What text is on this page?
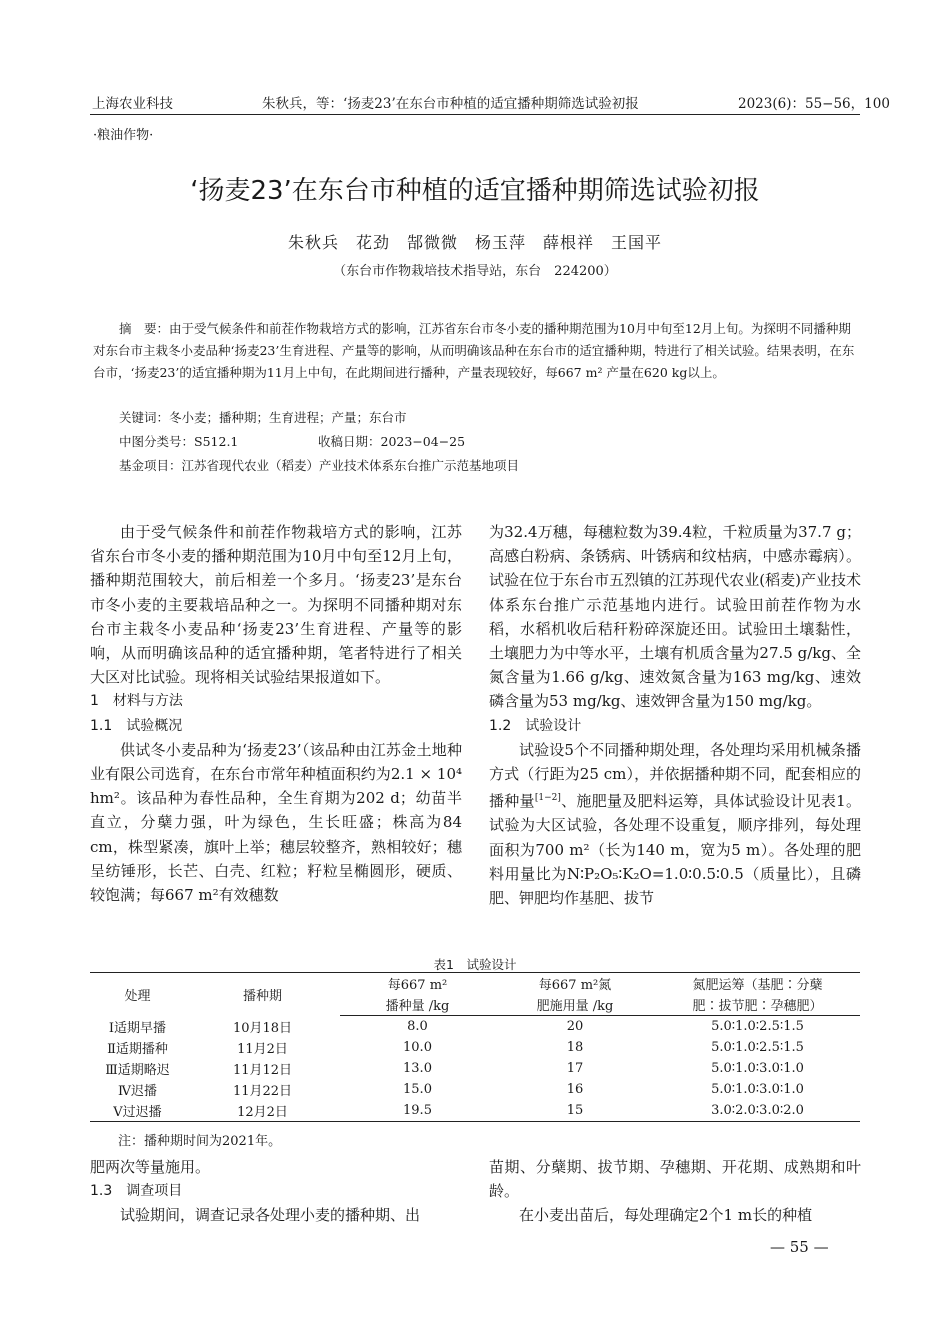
上海农业科技	朱秋兵，等：‘扬麦23’在东台市种植的适宜播种期筛选试验初报	2023(6)：55−56，100
·粮油作物·
‘扬麦23’在东台市种植的适宜播种期筛选试验初报
朱秋兵　花劲　郜微微　杨玉萍　薛根祥　王国平
（东台市作物栽培技术指导站，东台　224200）
摘　要：由于受气候条件和前茬作物栽培方式的影响，江苏省东台市冬小麦的播种期范围为10月中旬至12月上旬。为探明不同播种期对东台市主栽冬小麦品种‘扬麦23’生育进程、产量等的影响，从而明确该品种在东台市的适宜播种期，特进行了相关试验。结果表明，在东台市，‘扬麦23’的适宜播种期为11月上中旬，在此期间进行播种，产量表现较好，每667 m² 产量在620 kg以上。
关键词：冬小麦；播种期；生育进程；产量；东台市
中图分类号：S512.1	收稿日期：2023−04−25
基金项目：江苏省现代农业（稻麦）产业技术体系东台推广示范基地项目

由于受气候条件和前茬作物栽培方式的影响，江苏省东台市冬小麦的播种期范围为10月中旬至12月上旬，播种期范围较大，前后相差一个多月。‘扬麦23’是东台市冬小麦的主要栽培品种之一。为探明不同播种期对东台市主栽冬小麦品种‘扬麦23’生育进程、产量等的影响，从而明确该品种的适宜播种期，笔者特进行了相关大区对比试验。现将相关试验结果报道如下。

1　材料与方法

1.1　试验概况

供试冬小麦品种为‘扬麦23’（该品种由江苏金土地种业有限公司选育，在东台市常年种植面积约为2.1 × 10⁴ hm²。该品种为春性品种，全生育期为202 d；幼苗半直立，分蘖力强，叶为绿色，生长旺盛；株高为84 cm，株型紧凑，旗叶上举；穗层较整齐，熟相较好；穗呈纺锤形，长芒、白壳、红粒；籽粒呈椭圆形，硬质、较饱满；每667 m²有效穗数

为32.4万穗，每穗粒数为39.4粒，千粒质量为37.7 g；高感白粉病、条锈病、叶锈病和纹枯病，中感赤霉病）。试验在位于东台市五烈镇的江苏现代农业(稻麦)产业技术体系东台推广示范基地内进行。试验田前茬作物为水稻，水稻机收后秸秆粉碎深旋还田。试验田土壤黏性，土壤肥力为中等水平，土壤有机质含量为27.5 g/kg、全氮含量为1.66 g/kg、速效氮含量为163 mg/kg、速效磷含量为53 mg/kg、速效钾含量为150 mg/kg。

1.2　试验设计

试验设5个不同播种期处理，各处理均采用机械条播方式（行距为25 cm），并依据播种期不同，配套相应的播种量[1−2]、施肥量及肥料运筹，具体试验设计见表1。试验为大区试验，各处理不设重复，顺序排列，每处理面积为700 m²（长为140 m，宽为5 m）。各处理的肥料用量比为N∶P₂O₅∶K₂O=1.0∶0.5∶0.5（质量比），且磷肥、钾肥均作基肥、拔节

表1　试验设计
处理	播种期	每667 m²	每667 m²氮	氮肥运筹（基肥∶分蘖
		播种量 /kg	肥施用量 /kg	肥∶拔节肥∶孕穗肥）
Ⅰ适期早播	10月18日	8.0	20	5.0∶1.0∶2.5∶1.5
Ⅱ适期播种	11月2日	10.0	18	5.0∶1.0∶2.5∶1.5
Ⅲ适期略迟	11月12日	13.0	17	5.0∶1.0∶3.0∶1.0
Ⅳ迟播	11月22日	15.0	16	5.0∶1.0∶3.0∶1.0
Ⅴ过迟播	12月2日	19.5	15	3.0∶2.0∶3.0∶2.0
注：播种期时间为2021年。

肥两次等量施用。

1.3　调查项目

试验期间，调查记录各处理小麦的播种期、出

苗期、分蘖期、拔节期、孕穗期、开花期、成熟期和叶龄。

在小麦出苗后，每处理确定2个1 m长的种植

— 55 —
